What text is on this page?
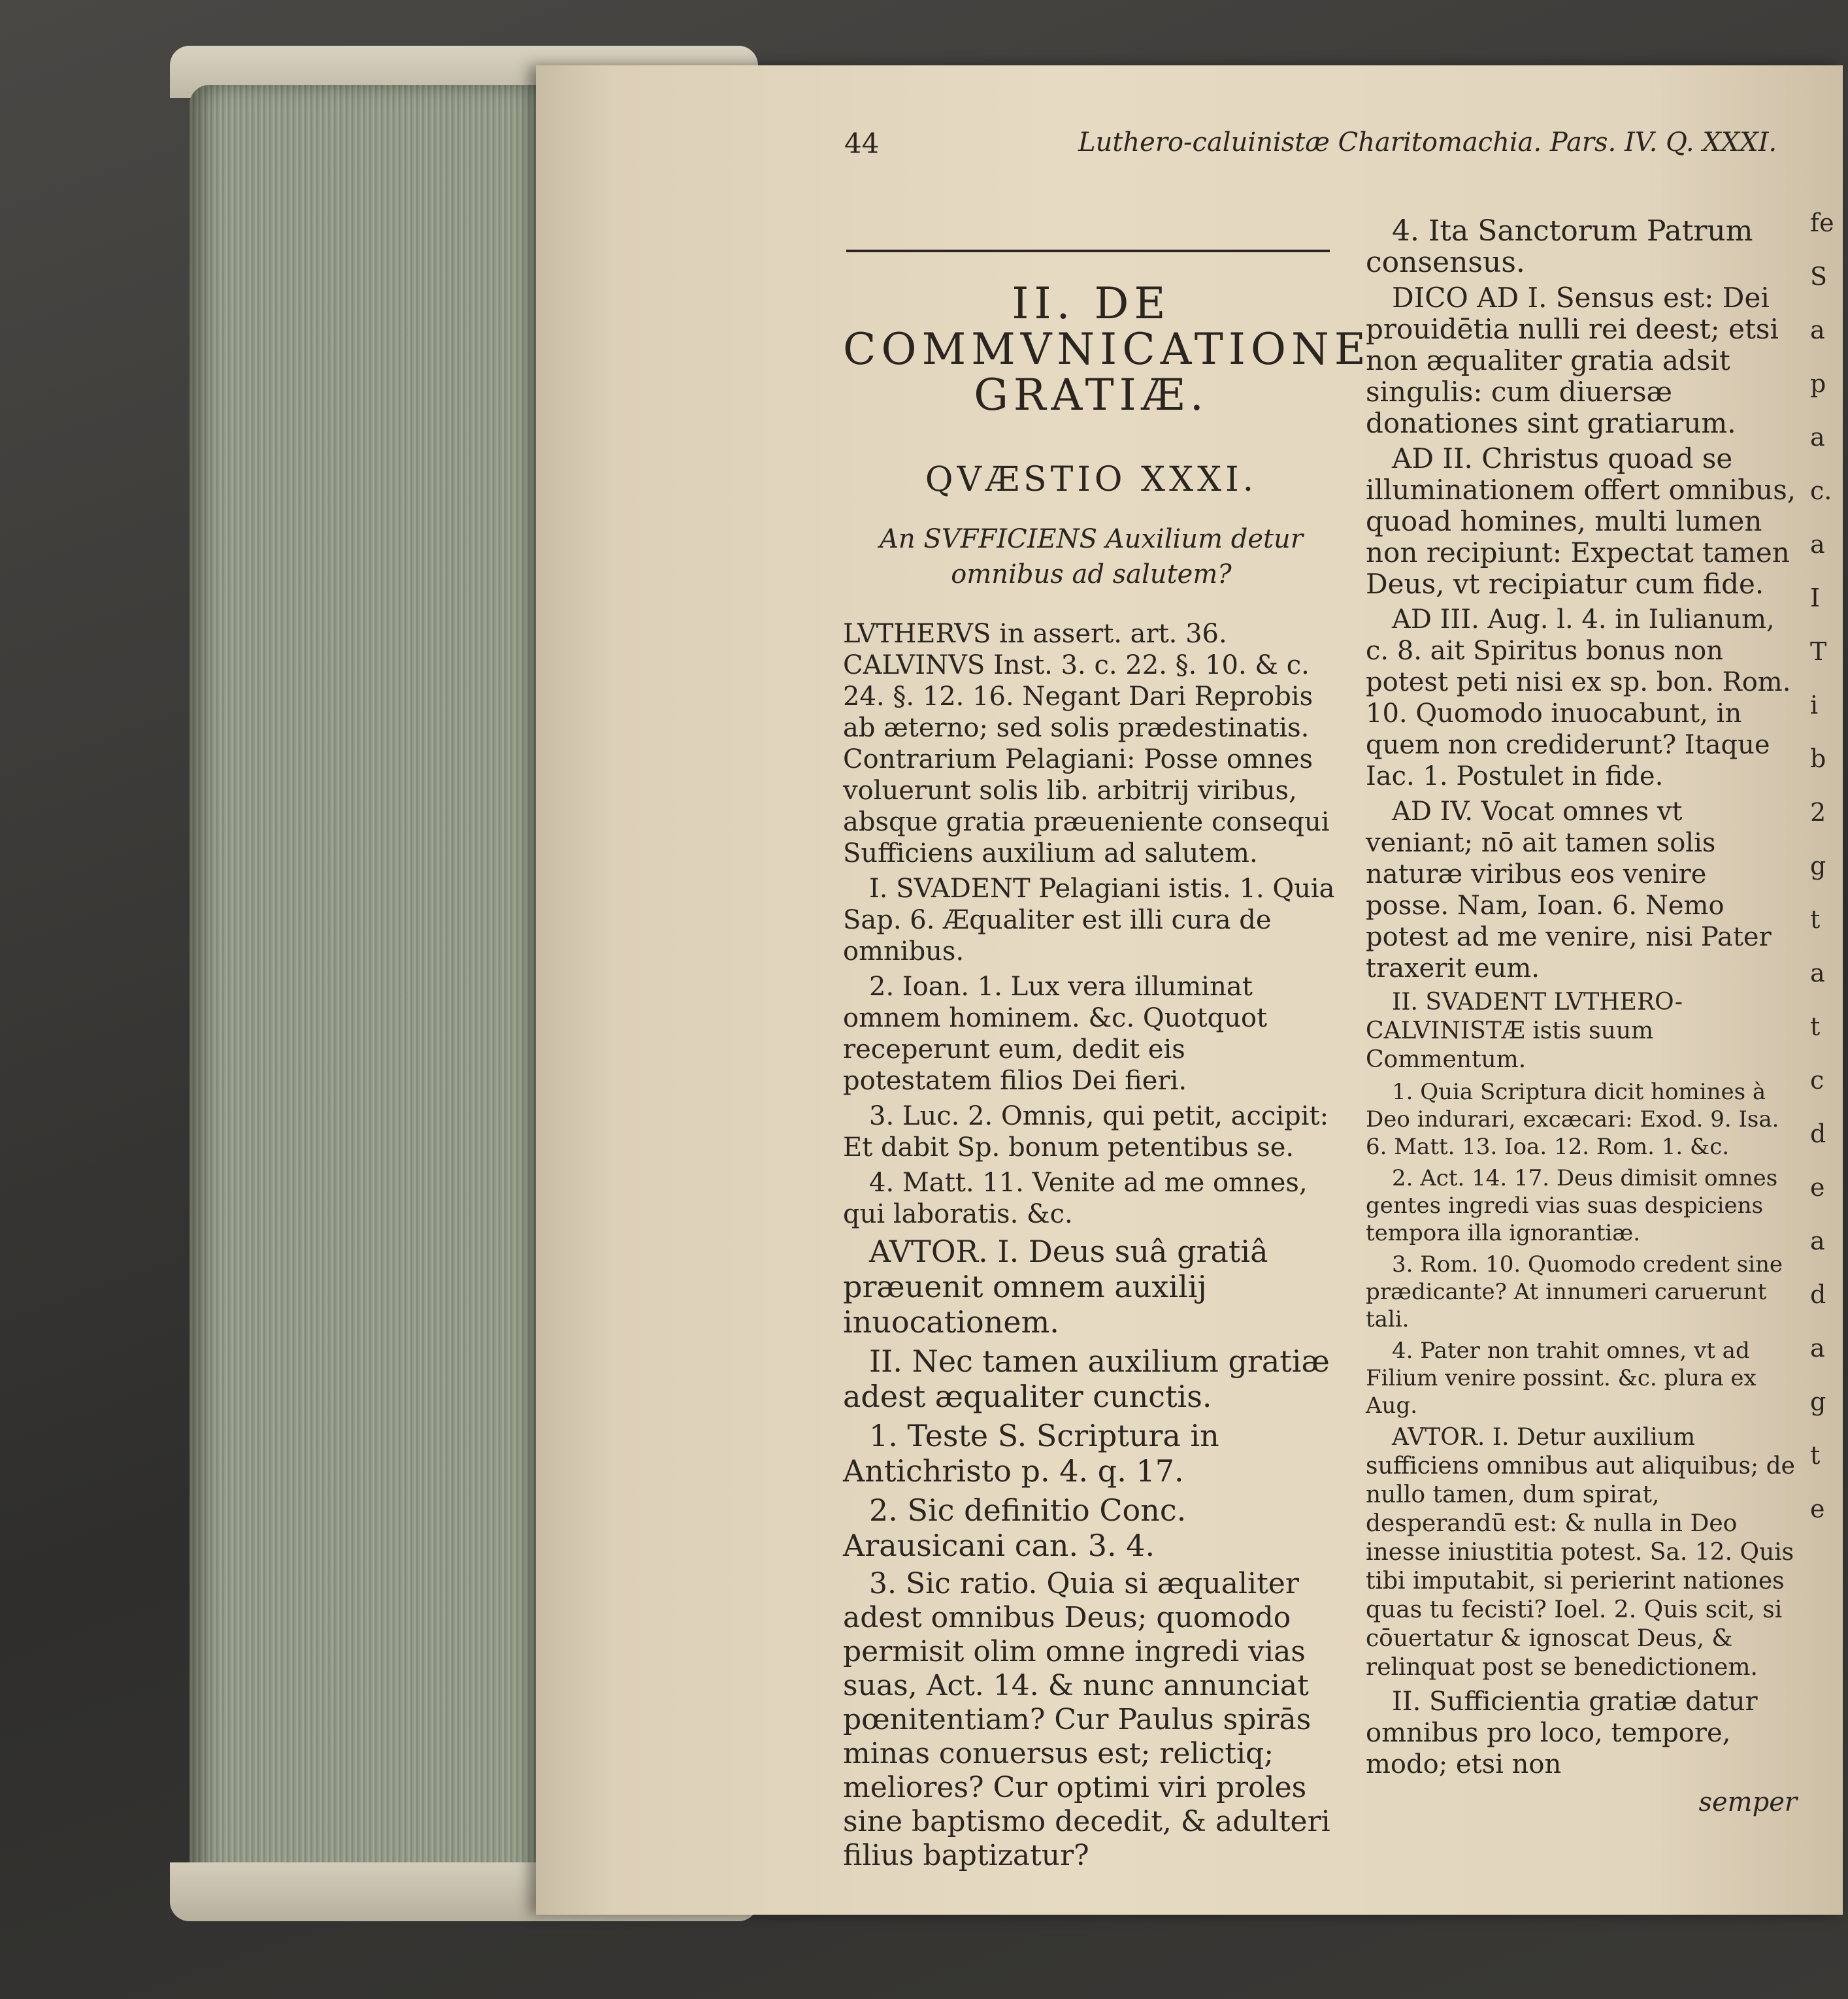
44	Luthero-caluinistæ Charitomachia. Pars. IV. Q. XXXI.
II. DE COMMVNICATIONE GRATIÆ.
QVÆSTIO XXXI.
An SVFFICIENS Auxilium detur omnibus ad salutem?

LVTHERVS in assert. art. 36. CALVINVS Inst. 3. c. 22. §. 10. & c. 24. §. 12. 16. Negant Dari Reprobis ab æterno; sed solis prædestinatis. Contrarium Pelagiani: Posse omnes voluerunt solis lib. arbitrij viribus, absque gratia præueniente consequi Sufficiens auxilium ad salutem.

I. SVADENT Pelagiani istis. 1. Quia Sap. 6. Æqualiter est illi cura de omnibus.

2. Ioan. 1. Lux vera illuminat omnem hominem. &c. Quotquot receperunt eum, dedit eis potestatem filios Dei fieri.

3. Luc. 2. Omnis, qui petit, accipit: Et dabit Sp. bonum petentibus se.

4. Matt. 11. Venite ad me omnes, qui laboratis. &c.

AVTOR. I. Deus suâ gratiâ præuenit omnem auxilij inuocationem.

II. Nec tamen auxilium gratiæ adest æqualiter cunctis.

1. Teste S. Scriptura in Antichristo p. 4. q. 17.

2. Sic definitio Conc. Arausicani can. 3. 4.

3. Sic ratio. Quia si æqualiter adest omnibus Deus; quomodo permisit olim omne ingredi vias suas, Act. 14. & nunc annunciat pœnitentiam? Cur Paulus spirās minas conuersus est; relictiq; meliores? Cur optimi viri proles sine baptismo decedit, & adulteri filius baptizatur?

4. Ita Sanctorum Patrum consensus.

DICO AD I. Sensus est: Dei prouidētia nulli rei deest; etsi non æqualiter gratia adsit singulis: cum diuersæ donationes sint gratiarum.

AD II. Christus quoad se illuminationem offert omnibus, quoad homines, multi lumen non recipiunt: Expectat tamen Deus, vt recipiatur cum fide.

AD III. Aug. l. 4. in Iulianum, c. 8. ait Spiritus bonus non potest peti nisi ex sp. bon. Rom. 10. Quomodo inuocabunt, in quem non crediderunt? Itaque Iac. 1. Postulet in fide.

AD IV. Vocat omnes vt veniant; nō ait tamen solis naturæ viribus eos venire posse. Nam, Ioan. 6. Nemo potest ad me venire, nisi Pater traxerit eum.

II. SVADENT LVTHERO-CALVINISTÆ istis suum Commentum.

1. Quia Scriptura dicit homines à Deo indurari, excæcari: Exod. 9. Isa. 6. Matt. 13. Ioa. 12. Rom. 1. &c.

2. Act. 14. 17. Deus dimisit omnes gentes ingredi vias suas despiciens tempora illa ignorantiæ.

3. Rom. 10. Quomodo credent sine prædicante? At innumeri caruerunt tali.

4. Pater non trahit omnes, vt ad Filium venire possint. &c. plura ex Aug.

AVTOR. I. Detur auxilium sufficiens omnibus aut aliquibus; de nullo tamen, dum spirat, desperandū est: & nulla in Deo inesse iniustitia potest. Sa. 12. Quis tibi imputabit, si perierint nationes quas tu fecisti? Ioel. 2. Quis scit, si cōuertatur & ignoscat Deus, & relinquat post se benedictionem.

II. Sufficientia gratiæ datur omnibus pro loco, tempore, modo; etsi non

semper
fe
S
a
p
a
c.
a
I
T
i
b
2
g
t
a
t
c
d
e
a
d
a
g
t
e
